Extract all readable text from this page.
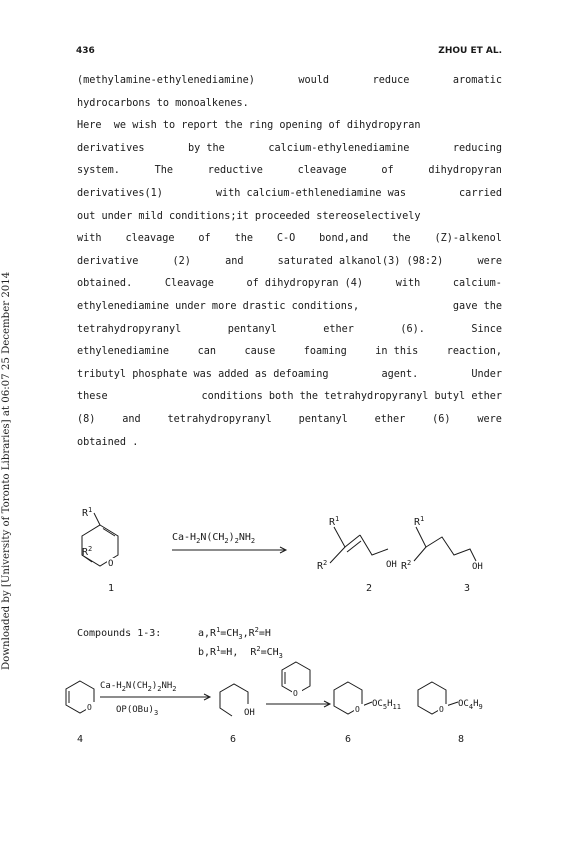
Downloaded by [University of Toronto Libraries] at 06:07 25 December 2014
436	ZHOU ET AL.
(methylamine-ethylenediamine)	would	reduce	aromatic
hydrocarbons to monoalkenes.
Here  we wish to report the ring opening of dihydropyran
derivatives	by the	calcium-ethylenediamine	reducing
system.	The	reductive	cleavage	of	dihydropyran
derivatives(1)	with calcium-ethlenediamine was	carried
out under mild conditions;it proceeded stereoselectively
with cleavage of the C-O bond,and the (Z)-alkenol
derivative	(2)	and	saturated alkanol(3) (98:2)	were
obtained.	Cleavage	of dihydropyran (4)	with	calcium-
ethylenediamine under more drastic conditions,	gave the
tetrahydropyranyl	pentanyl	ether	(6).	Since
ethylenediamine	can	cause	foaming	in this	reaction,
tributyl phosphate was added as defoaming	agent.	Under
these	conditions both the tetrahydropyranyl butyl ether
(8)	and	tetrahydropyranyl	pentanyl	ether	(6)	were
obtained .
O
$R^1$
$R^2$
1
$Ca-H_2N(CH_2)_2NH_2$
$R^1$
$R^2$	OH
2
$R^1$
$R^2$	OH
3
Compounds 1-3:	$a,R^1=CH_3,R^2=H$
$b,R^1=H$, $R^2=CH_3$
O
4
$Ca-H_2N(CH_2)_2NH_2$
$OP(OBu)_3$	OH
6
O
O
$OC_5H_{11}$
6
O
$OC_4H_9$
8
